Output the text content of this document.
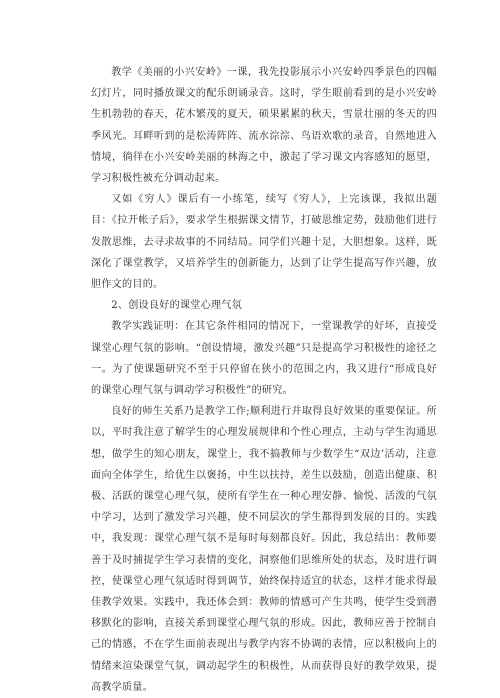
教学《美丽的小兴安岭》一课，我先投影展示小兴安岭四季景色的四幅幻灯片，同时播放课文的配乐朗诵录音。这时，学生眼前看到的是小兴安岭生机勃勃的春天，花木繁茂的夏天，硕果累累的秋天，雪景壮丽的冬天的四季风光。耳畔听到的是松涛阵阵、流水淙淙、鸟语欢歌的录音，自然地进入情境，徜徉在小兴安岭美丽的林海之中，激起了学习课文内容感知的愿望，学习积极性被充分调动起来。

又如《穷人》课后有一小练笔，续写《穷人》，上完该课，我拟出题目：《拉开帐子后》，要求学生根据课文情节，打破思维定势，鼓励他们进行发散思维，去寻求故事的不同结局。同学们兴趣十足，大胆想象。这样，既深化了课堂教学，又培养学生的创新能力，达到了让学生提高写作兴趣，放胆作文的目的。

2、创设良好的课堂心理气氛

教学实践证明：在其它条件相同的情况下，一堂课教学的好坏，直接受课堂心理气氛的影响。“创设情境，激发兴趣”只是提高学习积极性的途径之一。为了使课题研究不至于只停留在狭小的范围之内，我又进行“形成良好的课堂心理气氛与调动学习积极性”的研究。

良好的师生关系乃是教学工作;顺利进行并取得良好效果的重要保证。所以，平时我注意了解学生的心理发展规律和个性心理点，主动与学生沟通思想，做学生的知心朋友，课堂上，我不搞教师与少数学生“双边’活动，注意面向全体学生，给优生以褒扬，中生以扶持，差生以鼓励，创造出健康、积极、活跃的课堂心理气氛，使所有学生在一种心理安静、愉悦、活泼的气氛中学习，达到了激发学习兴趣，使不同层次的学生都得到发展的目的。实践中，我发现：课堂心理气氛不是每时每刻都良好。因此，我总结出：教师要善于及时捕捉学生学习表情的变化，洞察他们思维所处的状态，及时进行调控，使课堂心理气氛适时得到调节，始终保持适宜的状态，这样才能求得最佳教学效果。实践中，我还体会到：教师的情感可产生共鸣，使学生受到潜移默化的影响，直接关系到课堂心理气氛的形成。因此，教师应善于控制自己的情感，不在学生面前表现出与教学内容不协调的表情，应以积极向上的情绪来渲染课堂气氛，调动起学生的积极性，从而获得良好的教学效果，提高教学质量。
